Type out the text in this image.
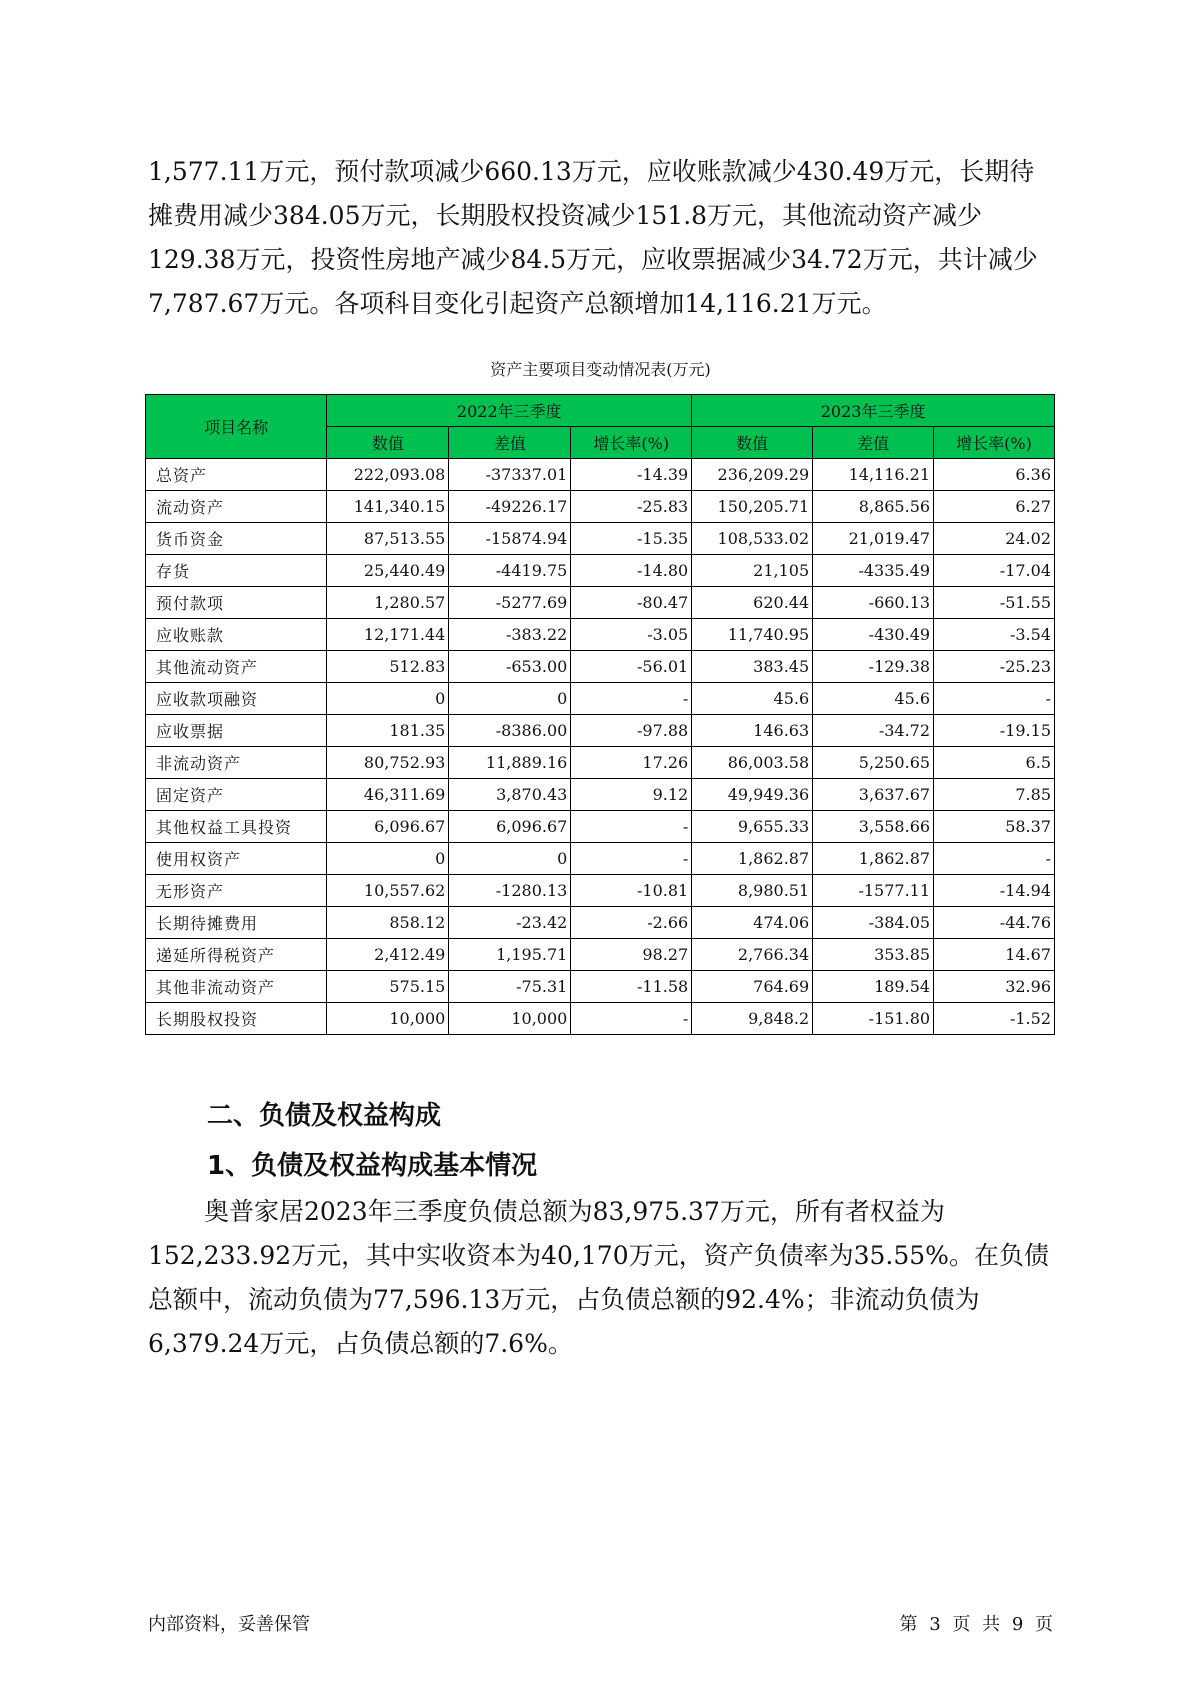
1,577.11万元，预付款项减少660.13万元，应收账款减少430.49万元，长期待摊费用减少384.05万元，长期股权投资减少151.8万元，其他流动资产减少129.38万元，投资性房地产减少84.5万元，应收票据减少34.72万元，共计减少7,787.67万元。各项科目变化引起资产总额增加14,116.21万元。

资产主要项目变动情况表(万元)
项目名称	2022年三季度			2023年三季度		
	数值	差值	增长率(%)	数值	差值	增长率(%)
总资产	222,093.08	-37337.01	-14.39	236,209.29	14,116.21	6.36
流动资产	141,340.15	-49226.17	-25.83	150,205.71	8,865.56	6.27
货币资金	87,513.55	-15874.94	-15.35	108,533.02	21,019.47	24.02
存货	25,440.49	-4419.75	-14.80	21,105	-4335.49	-17.04
预付款项	1,280.57	-5277.69	-80.47	620.44	-660.13	-51.55
应收账款	12,171.44	-383.22	-3.05	11,740.95	-430.49	-3.54
其他流动资产	512.83	-653.00	-56.01	383.45	-129.38	-25.23
应收款项融资	0	0	-	45.6	45.6	-
应收票据	181.35	-8386.00	-97.88	146.63	-34.72	-19.15
非流动资产	80,752.93	11,889.16	17.26	86,003.58	5,250.65	6.5
固定资产	46,311.69	3,870.43	9.12	49,949.36	3,637.67	7.85
其他权益工具投资	6,096.67	6,096.67	-	9,655.33	3,558.66	58.37
使用权资产	0	0	-	1,862.87	1,862.87	-
无形资产	10,557.62	-1280.13	-10.81	8,980.51	-1577.11	-14.94
长期待摊费用	858.12	-23.42	-2.66	474.06	-384.05	-44.76
递延所得税资产	2,412.49	1,195.71	98.27	2,766.34	353.85	14.67
其他非流动资产	575.15	-75.31	-11.58	764.69	189.54	32.96
长期股权投资	10,000	10,000	-	9,848.2	-151.80	-1.52
二、负债及权益构成
1、负债及权益构成基本情况

奥普家居2023年三季度负债总额为83,975.37万元，所有者权益为152,233.92万元，其中实收资本为40,170万元，资产负债率为35.55%。在负债总额中，流动负债为77,596.13万元，占负债总额的92.4%；非流动负债为6,379.24万元，占负债总额的7.6%。

内部资料，妥善保管	第 3 页 共 9 页
